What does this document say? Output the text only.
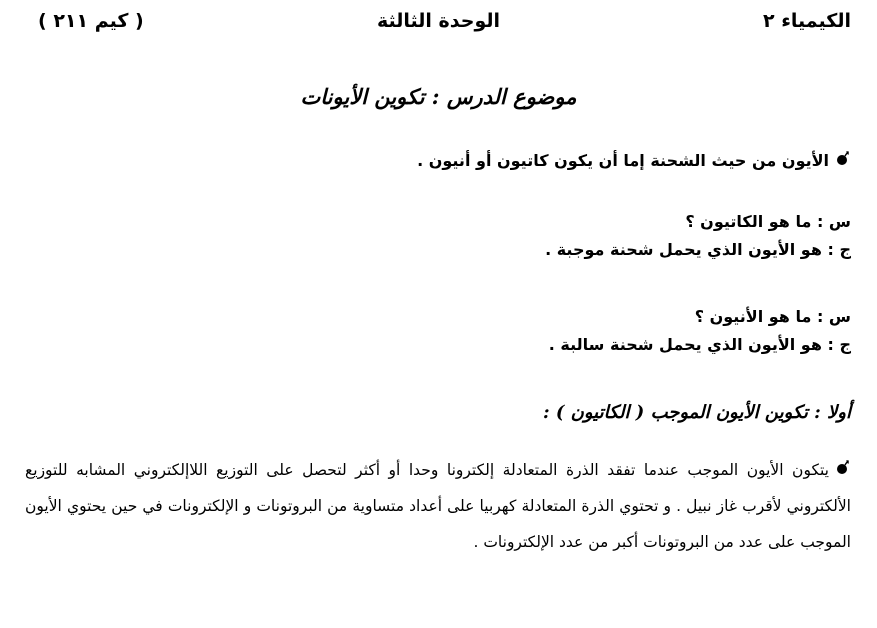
الكيمياء ٢
الوحدة الثالثة
( كيم ٢١١ )
موضوع الدرس : تكوين الأيونات
الأيون من حيث الشحنة إما أن يكون كاتيون أو أنيون .
س : ما هو الكاتيون ؟
ج : هو الأيون الذي يحمل شحنة موجبة .
س : ما هو الأنيون ؟
ج : هو الأيون الذي يحمل شحنة سالبة .
أولا : تكوين الأيون الموجب ( الكاتيون ) :
يتكون الأيون الموجب عندما تفقد الذرة المتعادلة إلكترونا وحدا أو أكثر لتحصل على التوزيع اللاإلكتروني المشابه للتوزيع الألكتروني لأقرب غاز نبيل . و تحتوي الذرة المتعادلة كهربيا على أعداد متساوية من البروتونات و الإلكترونات في حين يحتوي الأيون الموجب على عدد من البروتونات أكبر من عدد الإلكترونات .
